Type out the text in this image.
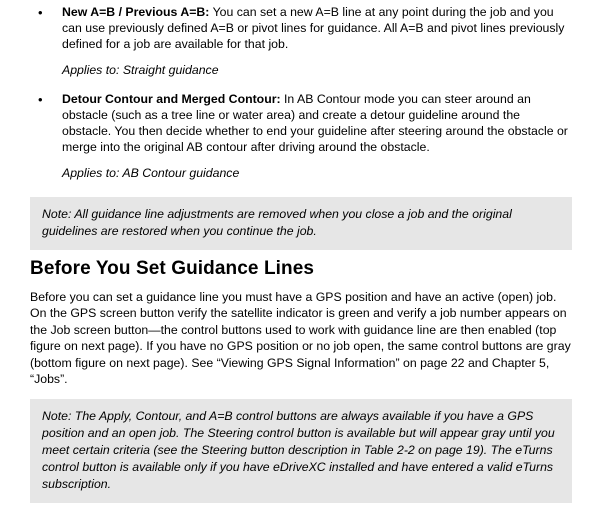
• New A=B / Previous A=B: You can set a new A=B line at any point during the job and you can use previously defined A=B or pivot lines for guidance. All A=B and pivot lines previously defined for a job are available for that job.

Applies to: Straight guidance

• Detour Contour and Merged Contour: In AB Contour mode you can steer around an obstacle (such as a tree line or water area) and create a detour guideline around the obstacle. You then decide whether to end your guideline after steering around the obstacle or merge into the original AB contour after driving around the obstacle.

Applies to: AB Contour guidance

Note: All guidance line adjustments are removed when you close a job and the original guidelines are restored when you continue the job.
Before You Set Guidance Lines

Before you can set a guidance line you must have a GPS position and have an active (open) job. On the GPS screen button verify the satellite indicator is green and verify a job number appears on the Job screen button—the control buttons used to work with guidance line are then enabled (top figure on next page). If you have no GPS position or no job open, the same control buttons are gray (bottom figure on next page). See “Viewing GPS Signal Information” on page 22 and Chapter 5, “Jobs”.

Note: The Apply, Contour, and A=B control buttons are always available if you have a GPS position and an open job. The Steering control button is available but will appear gray until you meet certain criteria (see the Steering button description in Table 2-2 on page 19). The eTurns control button is available only if you have eDriveXC installed and have entered a valid eTurns subscription.
